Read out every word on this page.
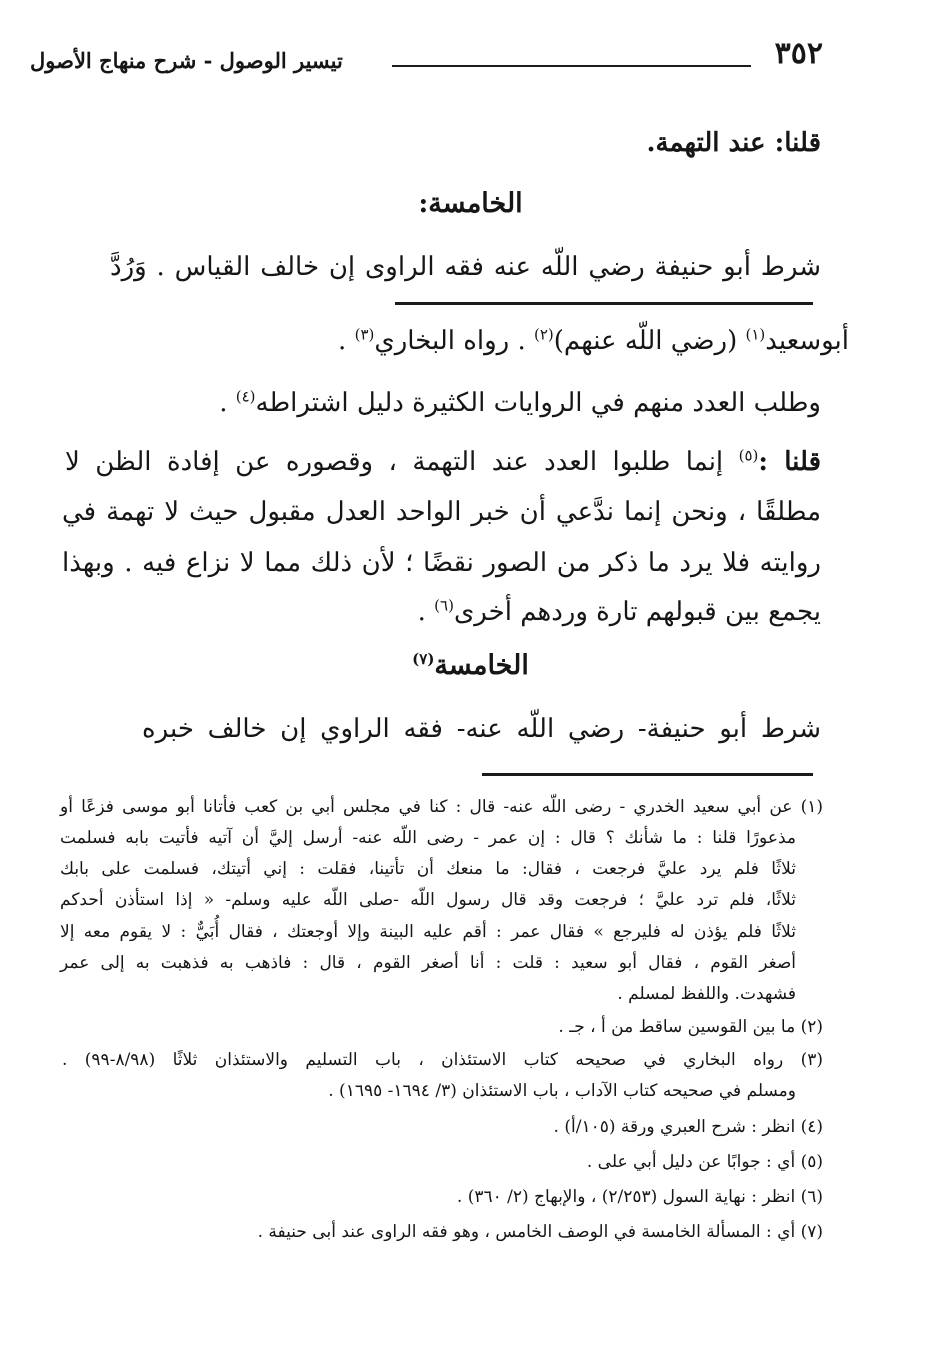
٣٥٢
تيسير الوصول - شرح منهاج الأصول
قلنا: عند التهمة.
الخامسة:
شرط أبو حنيفة رضي اللّه عنه فقه الراوى إن خالف القياس . وَرُدَّ
أبوسعيد$^{(١)}$ (رضي اللّه عنهم)$^{(٢)}$ . رواه البخاري$^{(٣)}$ .
وطلب العدد منهم في الروايات الكثيرة دليل اشتراطه$^{(٤)}$ .
قلنا :$^{(٥)}$ إنما طلبوا العدد عند التهمة ، وقصوره عن إفادة الظن لا
مطلقًا ، ونحن إنما ندَّعي أن خبر الواحد العدل مقبول حيث لا تهمة في
روايته فلا يرد ما ذكر من الصور نقضًا ؛ لأن ذلك مما لا نزاع فيه . وبهذا
يجمع بين قبولهم تارة وردهم أخرى$^{(٦)}$ .
الخامسة$^{(٧)}$
شرط أبو حنيفة- رضي اللّه عنه- فقه الراوي إن خالف خبره
(١) عن أبي سعيد الخدري - رضى اللّه عنه- قال : كنا في مجلس أبي بن كعب فأتانا أبو موسى فزعًا أو
مذعورًا قلنا : ما شأنك ؟ قال : إن عمر - رضى اللّه عنه- أرسل إليَّ أن آتيه فأتيت بابه فسلمت
ثلاثًا فلم يرد عليَّ فرجعت ، فقال: ما منعك أن تأتينا، فقلت : إني أتيتك، فسلمت على بابك
ثلاثًا، فلم ترد عليَّ ؛ فرجعت وقد قال رسول اللّه -صلى اللّه عليه وسلم- « إذا استأذن أحدكم
ثلاثًا فلم يؤذن له فليرجع » فقال عمر : أقم عليه البينة وإلا أوجعتك ، فقال أُبَيٌّ : لا يقوم معه إلا
أصغر القوم ، فقال أبو سعيد : قلت : أنا أصغر القوم ، قال : فاذهب به فذهبت به إلى عمر
فشهدت. واللفظ لمسلم .
(٢) ما بين القوسين ساقط من أ ، جـ .
(٣) رواه البخاري في صحيحه كتاب الاستئذان ، باب التسليم والاستئذان ثلاثًا (٨/٩٨-٩٩) .
ومسلم في صحيحه كتاب الآداب ، باب الاستئذان (٣/ ١٦٩٤- ١٦٩٥) .
(٤) انظر : شرح العبري ورقة (١٠٥/أ) .
(٥) أي : جوابًا عن دليل أبي على .
(٦) انظر : نهاية السول (٢/٢٥٣) ، والإبهاج (٢/ ٣٦٠) .
(٧) أي : المسألة الخامسة في الوصف الخامس ، وهو فقه الراوى عند أبى حنيفة .
